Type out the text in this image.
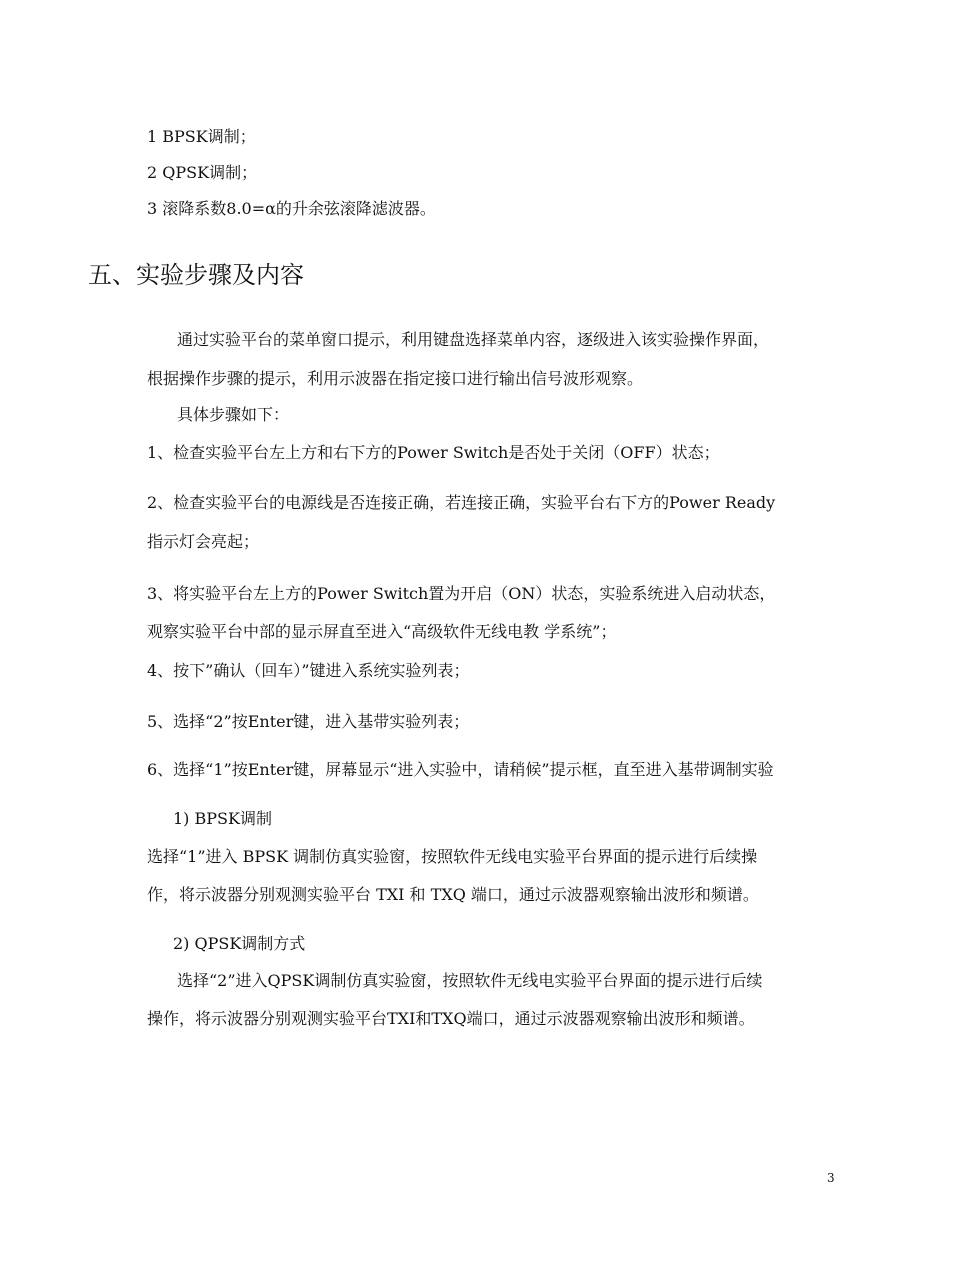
1 BPSK调制；

2 QPSK调制；

3 滚降系数8.0=α的升余弦滚降滤波器。

五、实验步骤及内容

通过实验平台的菜单窗口提示，利用键盘选择菜单内容，逐级进入该实验操作界面，

根据操作步骤的提示，利用示波器在指定接口进行输出信号波形观察。

具体步骤如下：

1、检查实验平台左上方和右下方的Power Switch是否处于关闭（OFF）状态；

2、检查实验平台的电源线是否连接正确，若连接正确，实验平台右下方的Power Ready

指示灯会亮起；

3、将实验平台左上方的Power Switch置为开启（ON）状态，实验系统进入启动状态，

观察实验平台中部的显示屏直至进入“高级软件无线电教 学系统”；

4、按下”确认（回车）”键进入系统实验列表；

5、选择“2”按Enter键，进入基带实验列表；

6、选择“1”按Enter键，屏幕显示“进入实验中，请稍候”提示框，直至进入基带调制实验

1) BPSK调制

选择“1”进入 BPSK 调制仿真实验窗，按照软件无线电实验平台界面的提示进行后续操

作，将示波器分别观测实验平台 TXI 和 TXQ 端口，通过示波器观察输出波形和频谱。

2) QPSK调制方式

选择“2”进入QPSK调制仿真实验窗，按照软件无线电实验平台界面的提示进行后续

操作，将示波器分别观测实验平台TXI和TXQ端口，通过示波器观察输出波形和频谱。

3
